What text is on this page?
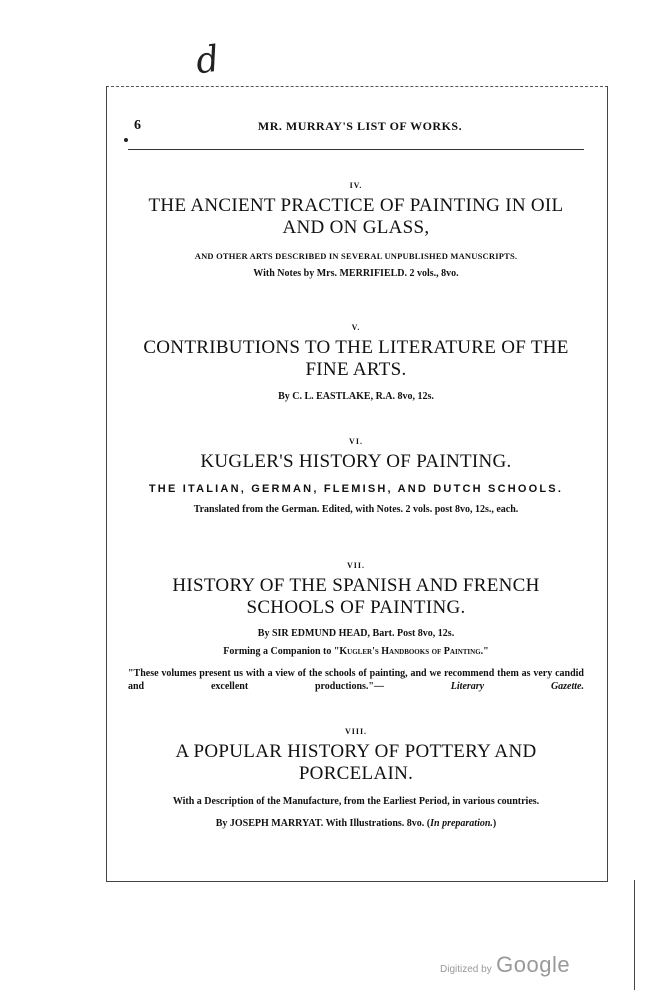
d
6	MR. MURRAY'S LIST OF WORKS.
IV.
THE ANCIENT PRACTICE OF PAINTING IN OIL
AND ON GLASS,
AND OTHER ARTS DESCRIBED IN SEVERAL UNPUBLISHED MANUSCRIPTS.
With Notes by Mrs. MERRIFIELD. 2 vols., 8vo.
V.
CONTRIBUTIONS TO THE LITERATURE OF THE
FINE ARTS.
By C. L. EASTLAKE, R.A. 8vo, 12s.
VI.
KUGLER'S HISTORY OF PAINTING.
THE ITALIAN, GERMAN, FLEMISH, AND DUTCH SCHOOLS.
Translated from the German. Edited, with Notes. 2 vols. post 8vo, 12s., each.
VII.
HISTORY OF THE SPANISH AND FRENCH
SCHOOLS OF PAINTING.
By SIR EDMUND HEAD, Bart. Post 8vo, 12s.
Forming a Companion to "Kugler's Handbooks of Painting."
"These volumes present us with a view of the schools of painting, and we recommend them as very candid and excellent productions."—	Literary Gazette.
VIII.
A POPULAR HISTORY OF POTTERY AND
PORCELAIN.
With a Description of the Manufacture, from the Earliest Period, in various countries.
By JOSEPH MARRYAT. With Illustrations. 8vo. (In preparation.)
Digitized by Google
